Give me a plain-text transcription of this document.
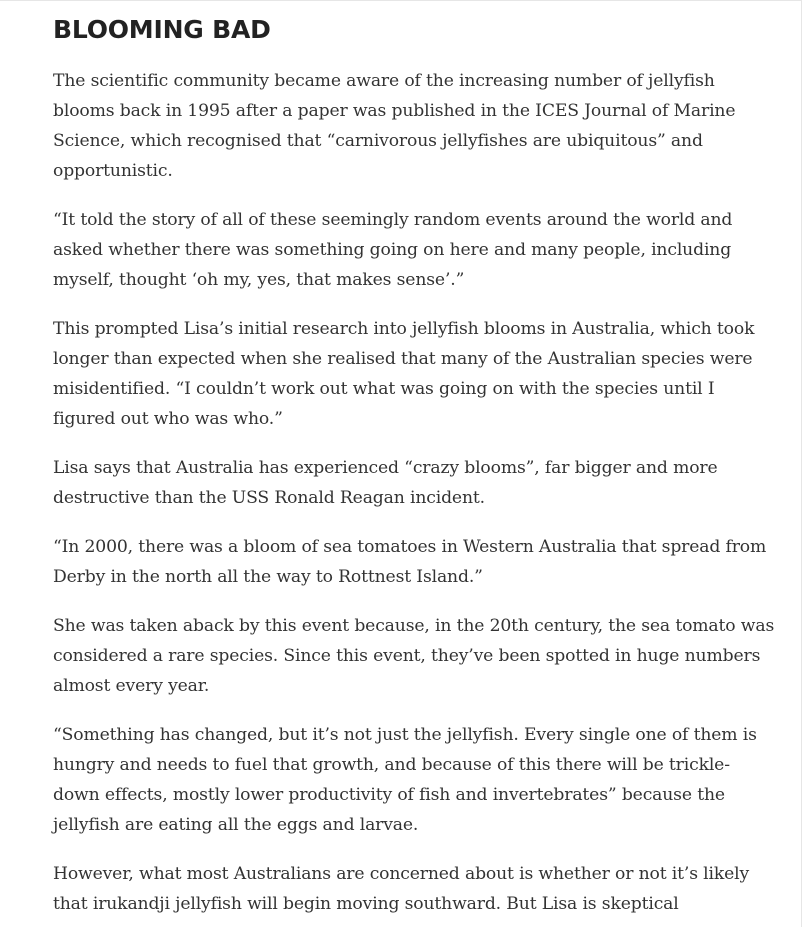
BLOOMING BAD

The scientific community became aware of the increasing number of jellyfish blooms back in 1995 after a paper was published in the ICES Journal of Marine Science, which recognised that “carnivorous jellyfishes are ubiquitous” and opportunistic.

“It told the story of all of these seemingly random events around the world and asked whether there was something going on here and many people, including myself, thought ‘oh my, yes, that makes sense’.”

This prompted Lisa’s initial research into jellyfish blooms in Australia, which took longer than expected when she realised that many of the Australian species were misidentified. “I couldn’t work out what was going on with the species until I figured out who was who.”

Lisa says that Australia has experienced “crazy blooms”, far bigger and more destructive than the USS Ronald Reagan incident.

“In 2000, there was a bloom of sea tomatoes in Western Australia that spread from Derby in the north all the way to Rottnest Island.”

She was taken aback by this event because, in the 20th century, the sea tomato was considered a rare species. Since this event, they’ve been spotted in huge numbers almost every year.

“Something has changed, but it’s not just the jellyfish. Every single one of them is hungry and needs to fuel that growth, and because of this there will be trickle-down effects, mostly lower productivity of fish and invertebrates” because the jellyfish are eating all the eggs and larvae.

However, what most Australians are concerned about is whether or not it’s likely that irukandji jellyfish will begin moving southward. But Lisa is skeptical
